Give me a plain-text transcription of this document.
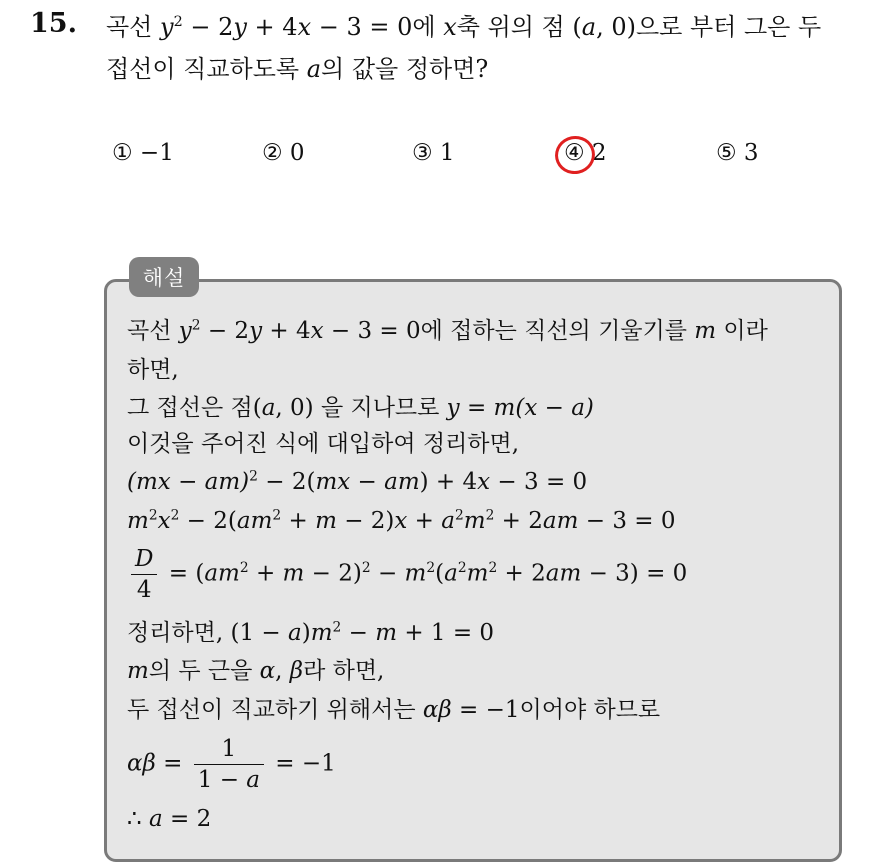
15. 곡선 $y^2 - 2y + 4x - 3 = 0$에 x축 위의 점 (a, 0)으로 부터 그은 두
접선이 직교하도록 a의 값을 정하면?
① −1	② 0	③ 1	④ 2	⑤ 3
해설
곡선 $y^2 - 2y + 4x - 3 = 0$에 접하는 직선의 기울기를 m 이라
하면,
그 접선은 점(a, 0) 을 지나므로 y = m(x − a)
이것을 주어진 식에 대입하여 정리하면,
(mx − am)$^2$ − 2(mx − am) + 4x − 3 = 0
$m^2x^2 - 2(am^2 + m - 2)x + a^2m^2 + 2am - 3 = 0$
$\frac{D}{4} = (am^2 + m - 2)^2 - m^2(a^2m^2 + 2am - 3) = 0$
정리하면, $(1 - a)m^2 - m + 1 = 0$
m의 두 근을 α, β라 하면,
두 접선이 직교하기 위해서는 αβ = −1이어야 하므로
$\alpha\beta = \frac{1}{1 - a} = -1$
∴ a = 2
